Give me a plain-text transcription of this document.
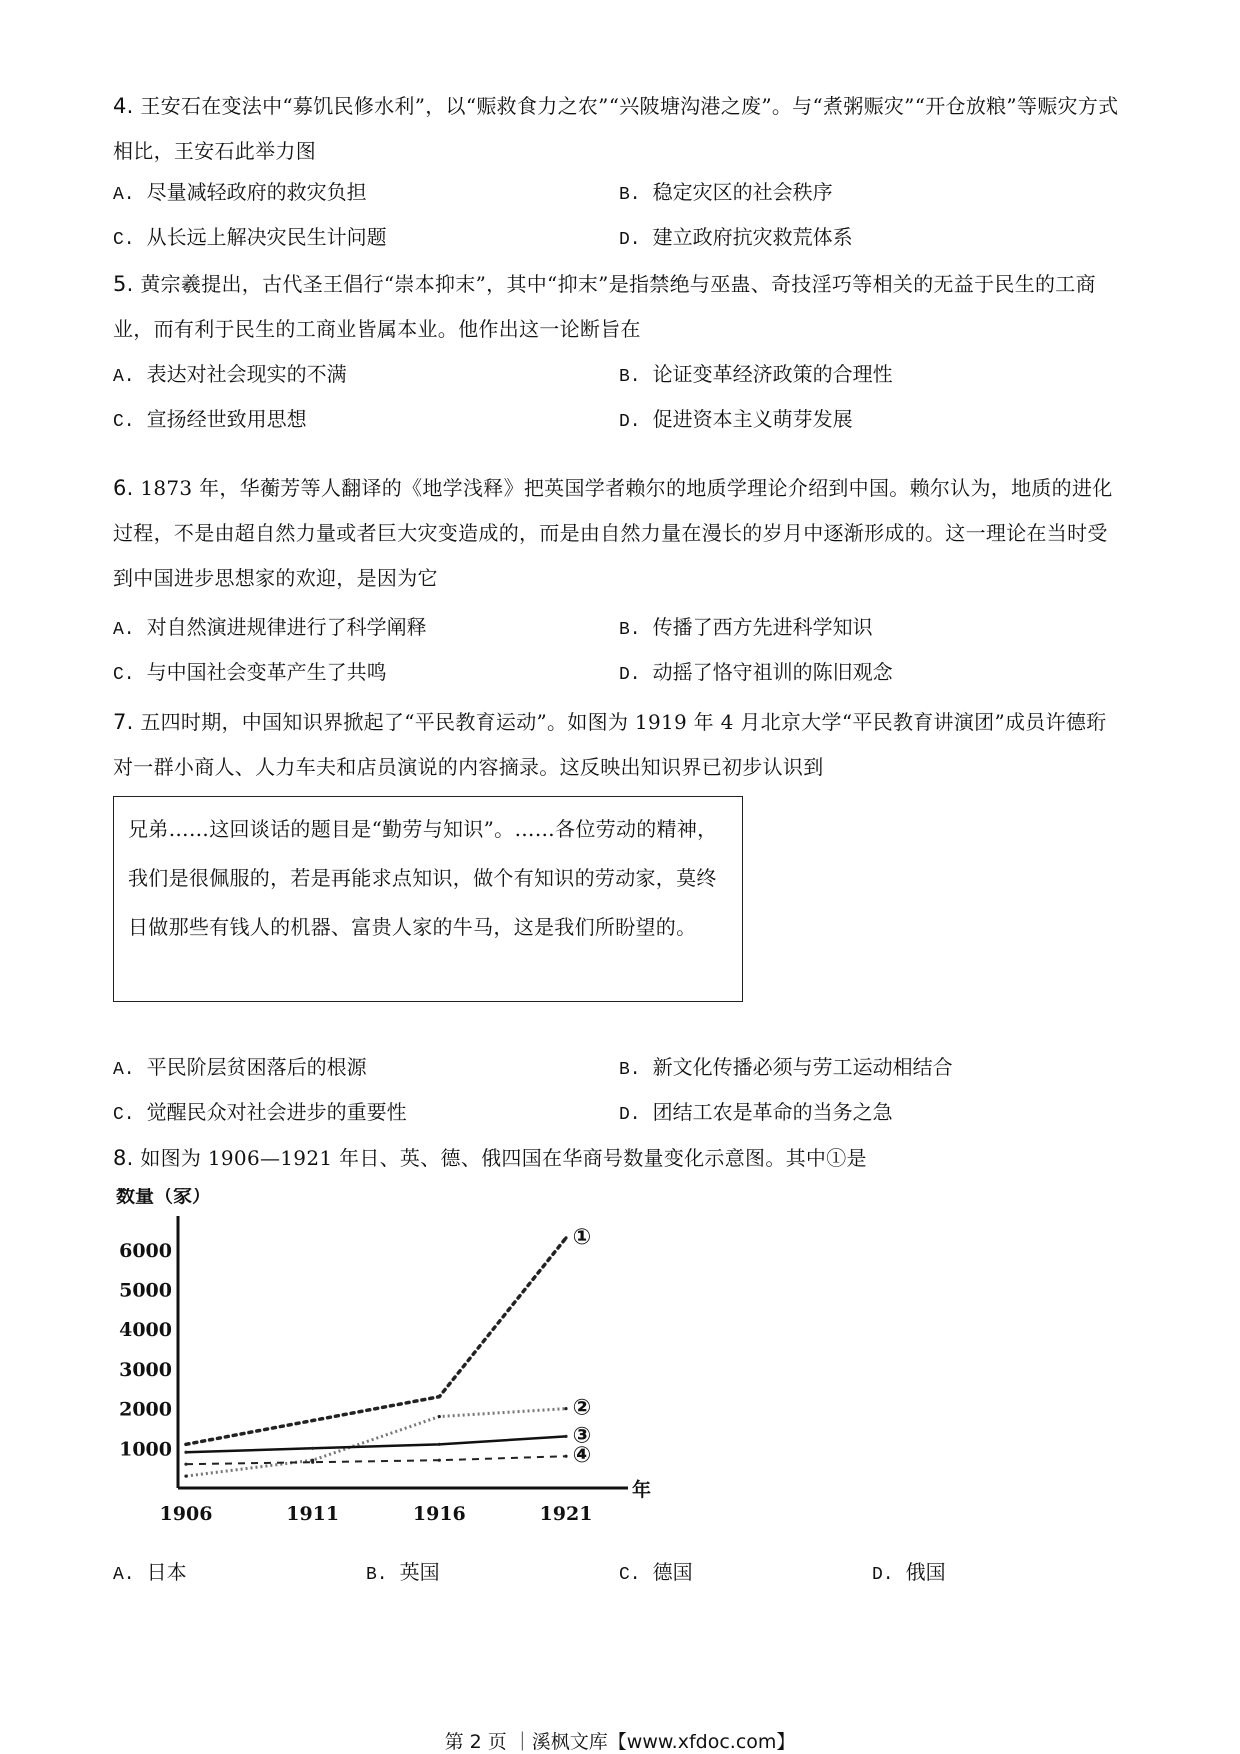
4. 王安石在变法中“募饥民修水利”，以“赈救食力之农”“兴陂塘沟港之废”。与“煮粥赈灾”“开仓放粮”等赈灾方式相比，王安石此举力图
A. 尽量减轻政府的救灾负担	B. 稳定灾区的社会秩序
C. 从长远上解决灾民生计问题	D. 建立政府抗灾救荒体系
5. 黄宗羲提出，古代圣王倡行“崇本抑末”，其中“抑末”是指禁绝与巫蛊、奇技淫巧等相关的无益于民生的工商业，而有利于民生的工商业皆属本业。他作出这一论断旨在
A. 表达对社会现实的不满	B. 论证变革经济政策的合理性
C. 宣扬经世致用思想	D. 促进资本主义萌芽发展
6. 1873 年，华蘅芳等人翻译的《地学浅释》把英国学者赖尔的地质学理论介绍到中国。赖尔认为，地质的进化过程，不是由超自然力量或者巨大灾变造成的，而是由自然力量在漫长的岁月中逐渐形成的。这一理论在当时受到中国进步思想家的欢迎，是因为它
A. 对自然演进规律进行了科学阐释	B. 传播了西方先进科学知识
C. 与中国社会变革产生了共鸣	D. 动摇了恪守祖训的陈旧观念
7. 五四时期，中国知识界掀起了“平民教育运动”。如图为 1919 年 4 月北京大学“平民教育讲演团”成员许德珩对一群小商人、人力车夫和店员演说的内容摘录。这反映出知识界已初步认识到
兄弟……这回谈话的题目是“勤劳与知识”。……各位劳动的精神，我们是很佩服的，若是再能求点知识，做个有知识的劳动家，莫终日做那些有钱人的机器、富贵人家的牛马，这是我们所盼望的。
A. 平民阶层贫困落后的根源	B. 新文化传播必须与劳工运动相结合
C. 觉醒民众对社会进步的重要性	D. 团结工农是革命的当务之急
8. 如图为 1906—1921 年日、英、德、俄四国在华商号数量变化示意图。其中①是
数量（家）
1000
2000
3000
4000
5000
6000
1906	1911	1916	1921
年
①
②
③
④
A. 日本	B. 英国	C. 德国	D. 俄国
第 2 页 ｜溪枫文库【www.xfdoc.com】
